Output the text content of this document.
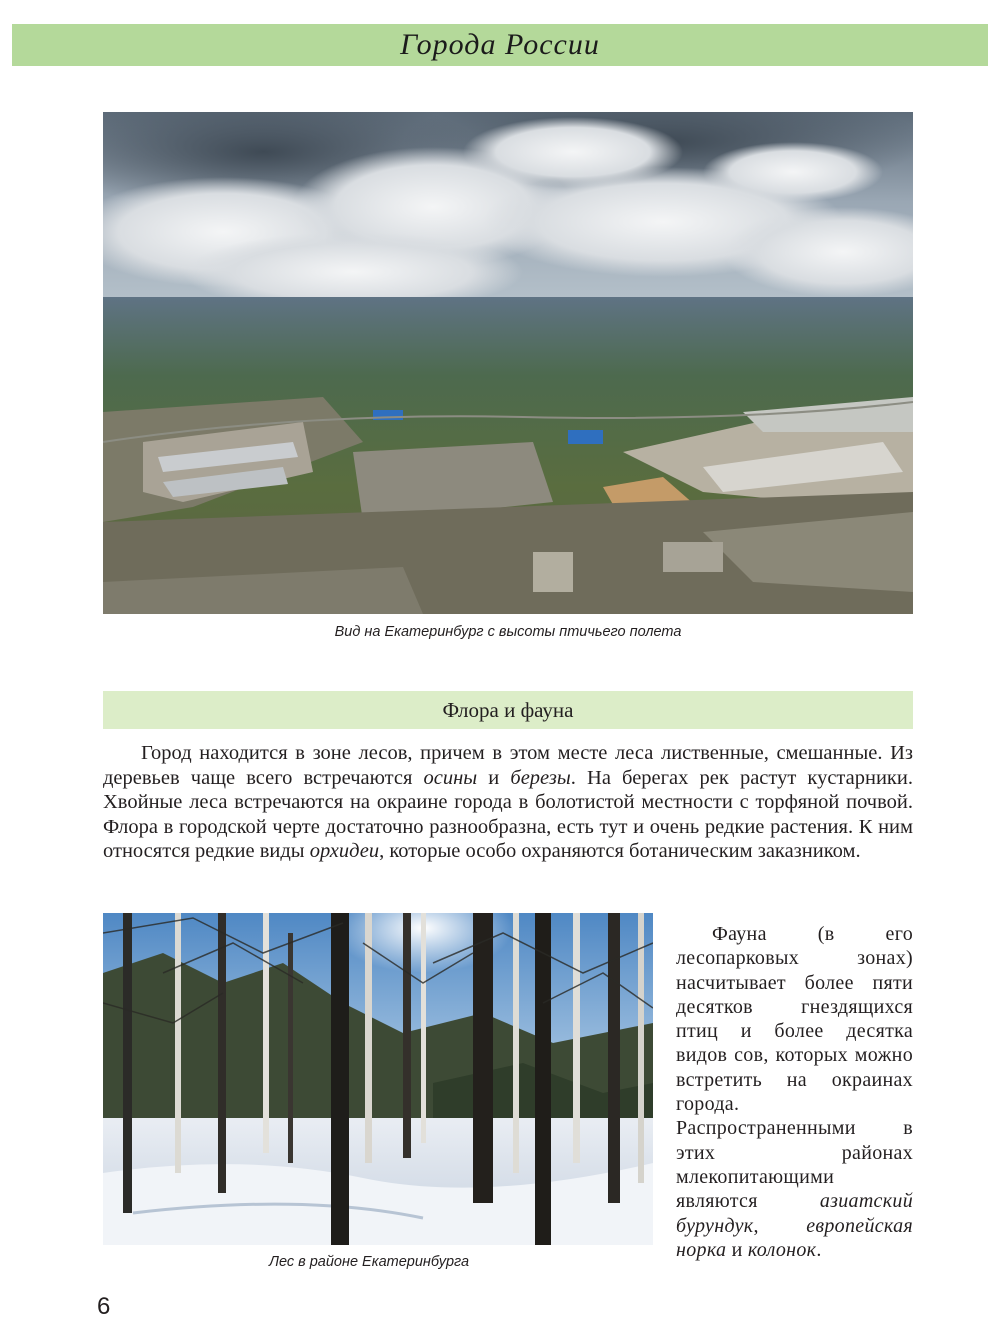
Города России
Вид на Екатеринбург с высоты птичьего полета
Флора и фауна

Город находится в зоне лесов, причем в этом месте леса лиственные, смешанные. Из деревьев чаще всего встречаются осины и березы. На берегах рек растут кустарники. Хвойные леса встречаются на окраине города в болотистой местности с торфяной почвой. Флора в городской черте достаточно разнообразна, есть тут и очень редкие растения. К ним относятся редкие виды орхидеи, которые особо охраняются ботаническим заказником.

Лес в районе Екатеринбурга

Фауна (в его лесопарковых зонах) насчитывает более пяти десятков гнездящихся птиц и более десятка видов сов, которых можно встретить на окраинах города. Распространенными в этих районах млекопитающими являются азиатский бурундук, европейская норка и колонок.

6
